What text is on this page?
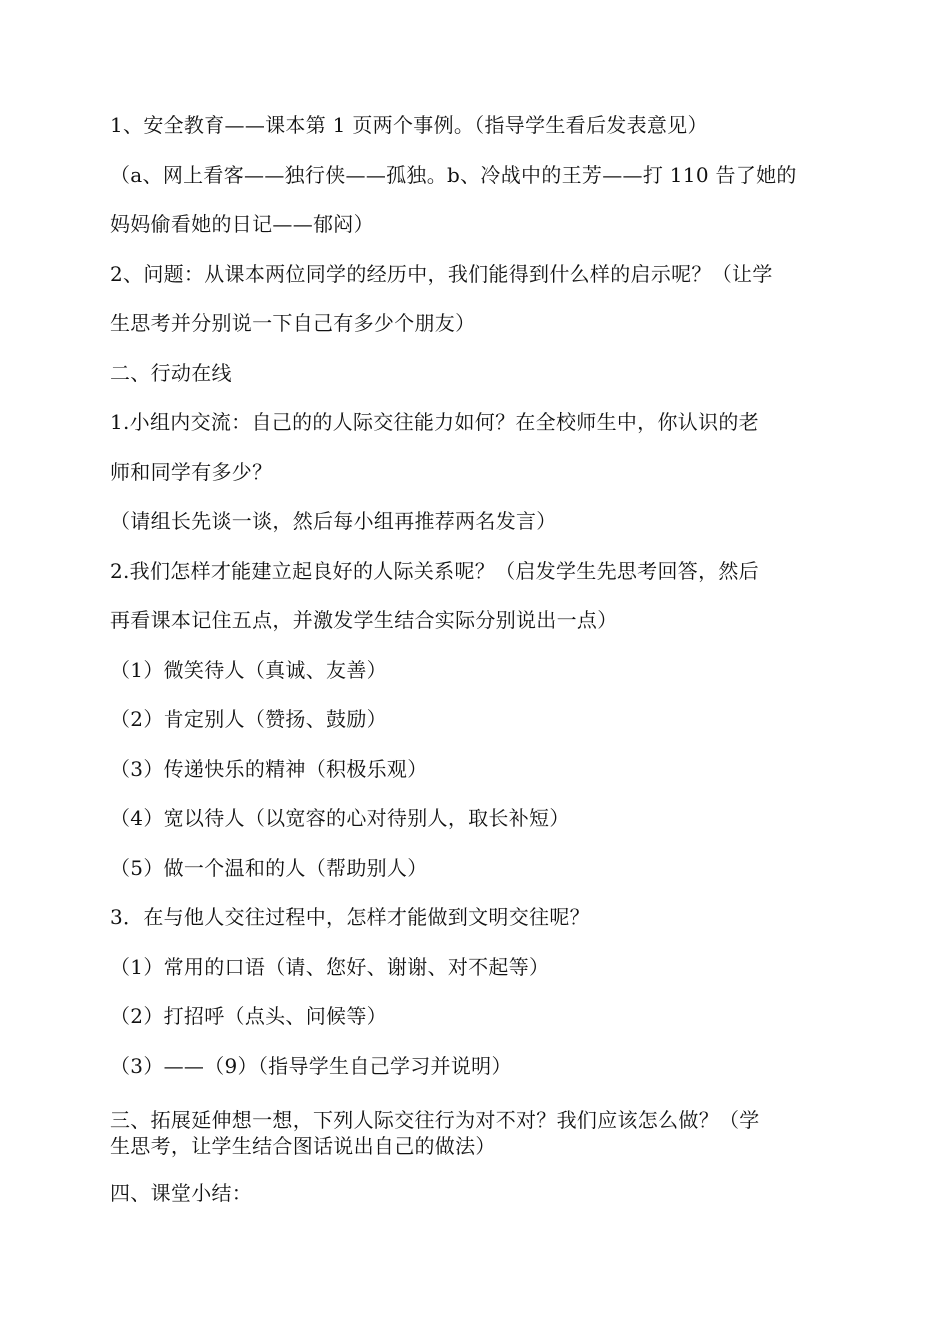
1、安全教育——课本第 1 页两个事例。（指导学生看后发表意见）
（a、网上看客——独行侠——孤独。b、冷战中的王芳——打 110 告了她的
妈妈偷看她的日记——郁闷）
2、问题：从课本两位同学的经历中，我们能得到什么样的启示呢？（让学
生思考并分别说一下自己有多少个朋友）
二、行动在线
1.小组内交流：自己的的人际交往能力如何？在全校师生中，你认识的老
师和同学有多少？
（请组长先谈一谈，然后每小组再推荐两名发言）
2.我们怎样才能建立起良好的人际关系呢？（启发学生先思考回答，然后
再看课本记住五点，并激发学生结合实际分别说出一点）
（1）微笑待人（真诚、友善）
（2）肯定别人（赞扬、鼓励）
（3）传递快乐的精神（积极乐观）
（4）宽以待人（以宽容的心对待别人，取长补短）
（5）做一个温和的人（帮助别人）
3．在与他人交往过程中，怎样才能做到文明交往呢？
（1）常用的口语（请、您好、谢谢、对不起等）
（2）打招呼（点头、问候等）
（3）——（9）（指导学生自己学习并说明）
三、拓展延伸想一想，下列人际交往行为对不对？我们应该怎么做？（学
生思考，让学生结合图话说出自己的做法）
四、课堂小结：
